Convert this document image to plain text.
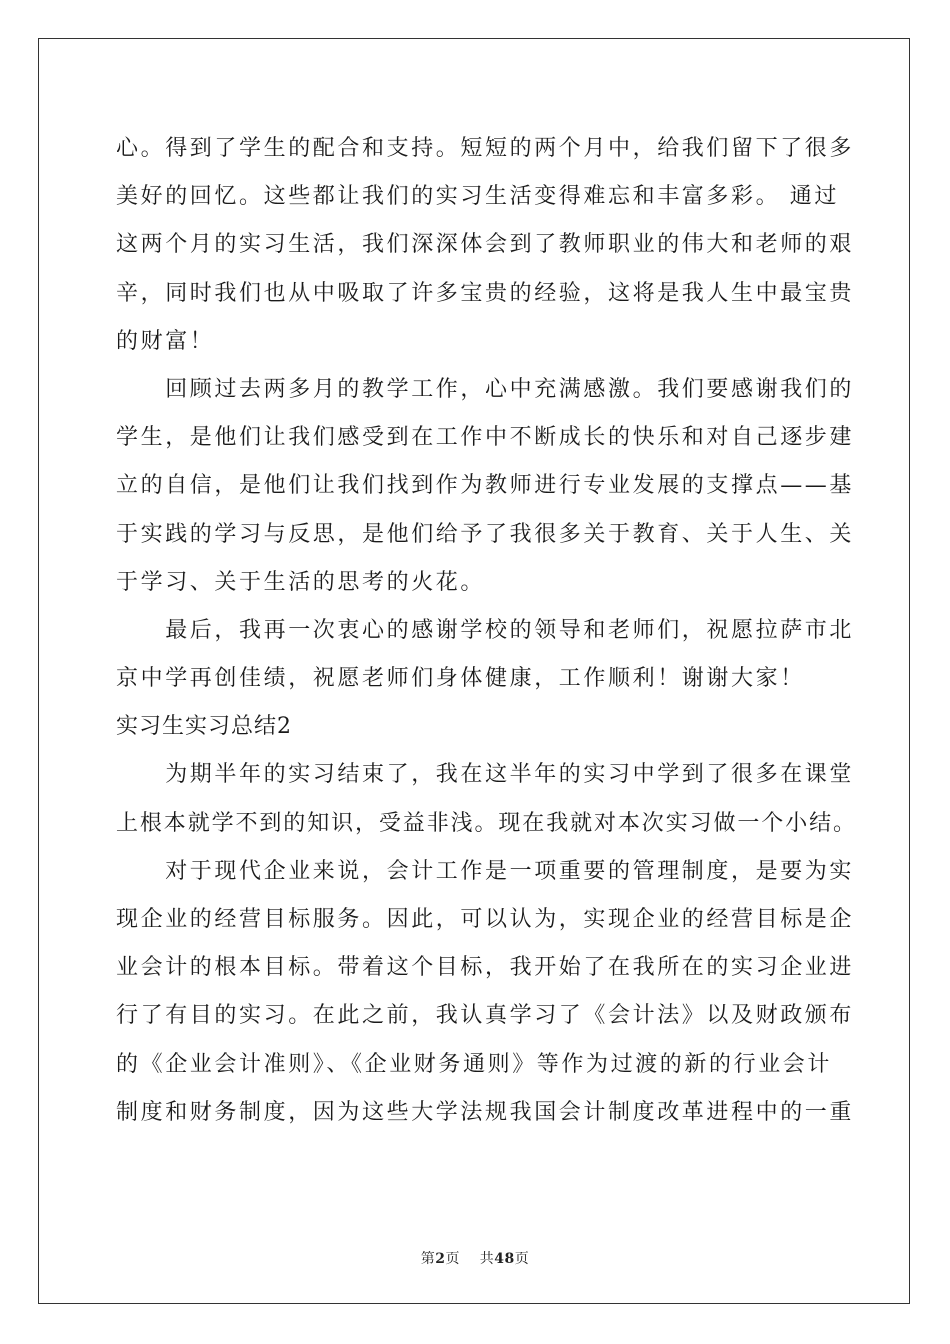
心。得到了学生的配合和支持。短短的两个月中，给我们留下了很多
美好的回忆。这些都让我们的实习生活变得难忘和丰富多彩。 通过
这两个月的实习生活，我们深深体会到了教师职业的伟大和老师的艰
辛，同时我们也从中吸取了许多宝贵的经验，这将是我人生中最宝贵
的财富！
　　回顾过去两多月的教学工作，心中充满感激。我们要感谢我们的
学生，是他们让我们感受到在工作中不断成长的快乐和对自己逐步建
立的自信，是他们让我们找到作为教师进行专业发展的支撑点——基
于实践的学习与反思，是他们给予了我很多关于教育、关于人生、关
于学习、关于生活的思考的火花。
　　最后，我再一次衷心的感谢学校的领导和老师们，祝愿拉萨市北
京中学再创佳绩，祝愿老师们身体健康，工作顺利！谢谢大家！
实习生实习总结2
　　为期半年的实习结束了，我在这半年的实习中学到了很多在课堂
上根本就学不到的知识，受益非浅。现在我就对本次实习做一个小结。
　　对于现代企业来说，会计工作是一项重要的管理制度，是要为实
现企业的经营目标服务。因此，可以认为，实现企业的经营目标是企
业会计的根本目标。带着这个目标，我开始了在我所在的实习企业进
行了有目的实习。在此之前，我认真学习了《会计法》以及财政颁布
的《企业会计准则》、《企业财务通则》等作为过渡的新的行业会计
制度和财务制度，因为这些大学法规我国会计制度改革进程中的一重
第2页 共48页
